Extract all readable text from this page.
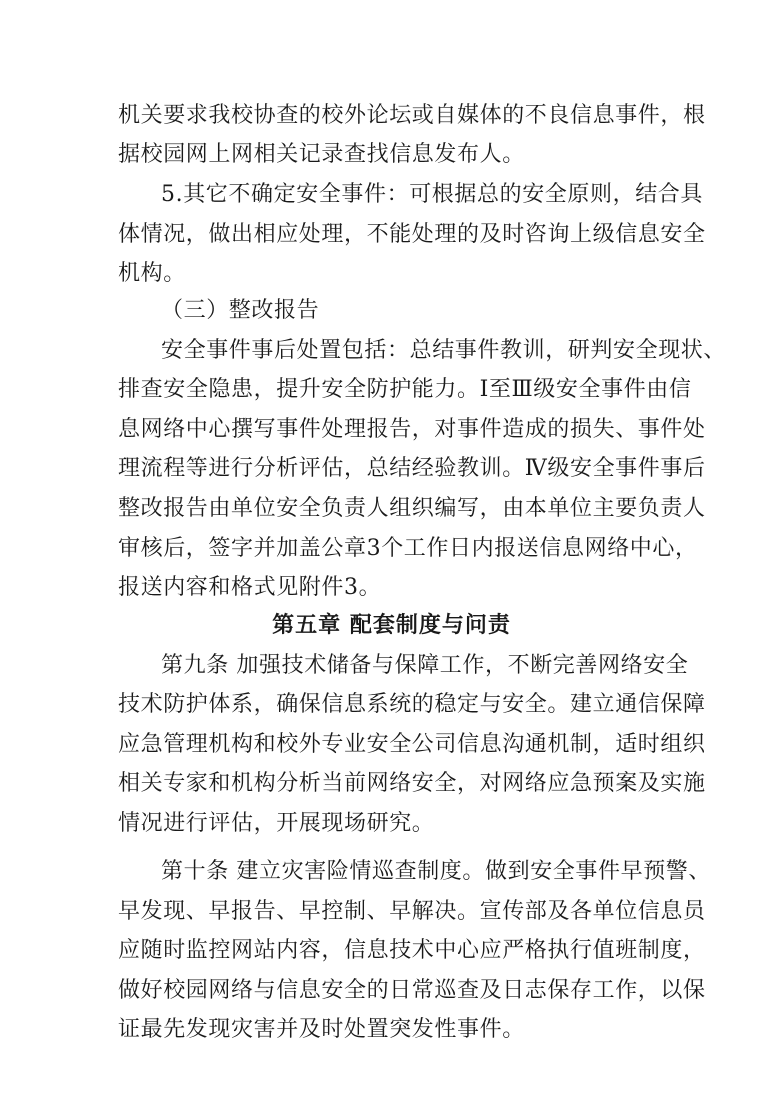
机关要求我校协查的校外论坛或自媒体的不良信息事件，根
据校园网上网相关记录查找信息发布人。
5.其它不确定安全事件：可根据总的安全原则，结合具
体情况，做出相应处理，不能处理的及时咨询上级信息安全
机构。
（三）整改报告
安全事件事后处置包括：总结事件教训，研判安全现状、
排查安全隐患，提升安全防护能力。Ⅰ至Ⅲ级安全事件由信
息网络中心撰写事件处理报告，对事件造成的损失、事件处
理流程等进行分析评估，总结经验教训。Ⅳ级安全事件事后
整改报告由单位安全负责人组织编写，由本单位主要负责人
审核后，签字并加盖公章3个工作日内报送信息网络中心，
报送内容和格式见附件3。
第五章 配套制度与问责
第九条 加强技术储备与保障工作，不断完善网络安全
技术防护体系，确保信息系统的稳定与安全。建立通信保障
应急管理机构和校外专业安全公司信息沟通机制，适时组织
相关专家和机构分析当前网络安全，对网络应急预案及实施
情况进行评估，开展现场研究。
第十条 建立灾害险情巡查制度。做到安全事件早预警、
早发现、早报告、早控制、早解决。宣传部及各单位信息员
应随时监控网站内容，信息技术中心应严格执行值班制度，
做好校园网络与信息安全的日常巡查及日志保存工作，以保
证最先发现灾害并及时处置突发性事件。
